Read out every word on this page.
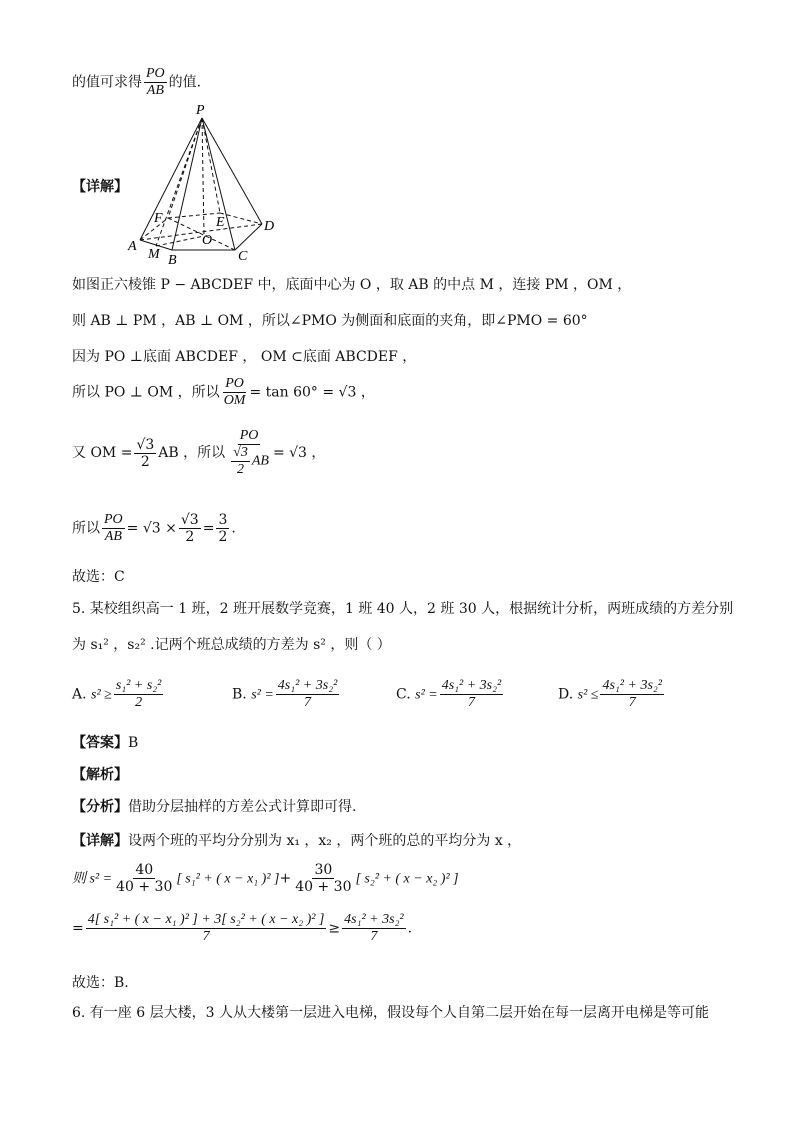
的值可求得 $\frac{PO}{AB}$ 的值.
P
A
B	C
D
E
F
O
M
【详解】
如图正六棱锥 P − ABCDEF 中，底面中心为 O ，取 AB 的中点 M ，连接 PM ，OM ，
则 AB ⊥ PM ，AB ⊥ OM ，所以∠PMO 为侧面和底面的夹角，即∠PMO = 60°
因为 PO ⊥底面 ABCDEF ， OM ⊂底面 ABCDEF ，
所以 PO ⊥ OM ，所以 $\frac{PO}{OM} = \tan 60^\circ = √3$ ，
又 OM = $\frac{√3}{2}$ AB ，所以 $\frac{PO}{\frac{√3}{2} AB} = √3$ ，
所以 $\frac{PO}{AB} = √3 \times \frac{√3}{2} = \frac{3}{2}$ .
故选：C
5. 某校组织高一 1 班，2 班开展数学竞赛，1 班 40 人，2 班 30 人，根据统计分析，两班成绩的方差分别
为 s₁² ，s₂² .记两个班总成绩的方差为 s² ，则（ ）
A. $s^2 \ge \frac{\text{s₁² + s₂²}}{2}$	B. $s^2 = \frac{\text{4s₁² + 3s₂²}}{7}$	C. $s^2 = \frac{\text{4s₁² + 3s₂²}}{7}$	D. $s^2 \le \frac{\text{4s₁² + 3s₂²}}{7}$
【答案】B
【解析】
【分析】借助分层抽样的方差公式计算即可得.
【详解】设两个班的平均分分别为 x₁ ，x₂ ，两个班的总的平均分为 x ，
则 $s^2 = \frac{40}{40 + 30}$ [ s₁² + ( x − x₁ )² ]+ $\frac{30}{40 + 30}$ [ s₂² + ( x − x₂ )² ]
= $\frac{\text{4[ s₁² + ( x − x₁ )² ] + 3[ s₂² + ( x − x₂ )² ]}}{7} \ge \frac{\text{4s₁² + 3s₂²}}{7}$ .
故选：B.
6. 有一座 6 层大楼，3 人从大楼第一层进入电梯，假设每个人自第二层开始在每一层离开电梯是等可能
